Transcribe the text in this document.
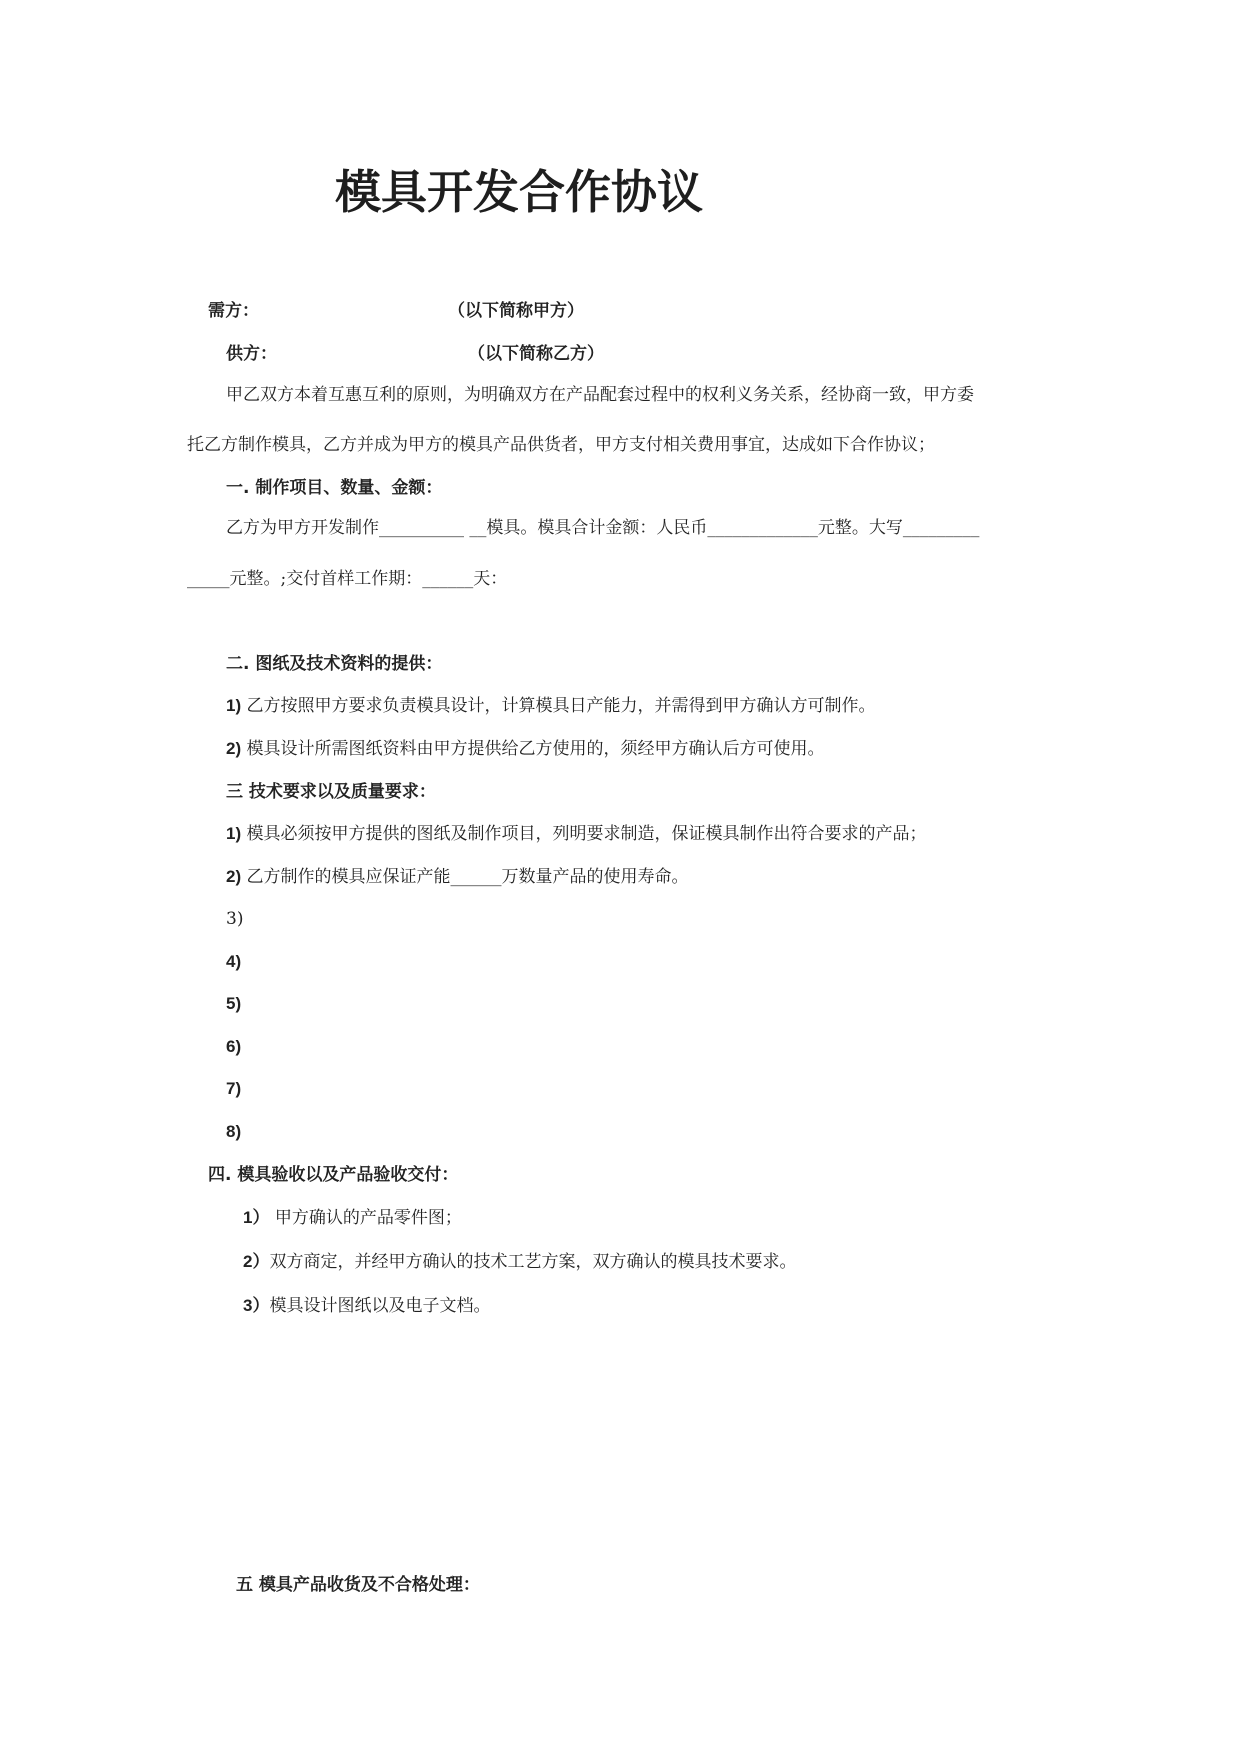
模具开发合作协议
需方：	（以下简称甲方）
供方：	（以下简称乙方）
甲乙双方本着互惠互利的原则，为明确双方在产品配套过程中的权利义务关系，经协商一致，甲方委
托乙方制作模具，乙方并成为甲方的模具产品供货者，甲方支付相关费用事宜，达成如下合作协议；
一. 制作项目、数量、金额：
乙方为甲方开发制作__________ __模具。模具合计金额：人民币_____________元整。大写_________
_____元整。;交付首样工作期：______天：
二. 图纸及技术资料的提供：
1) 乙方按照甲方要求负责模具设计，计算模具日产能力，并需得到甲方确认方可制作。
2) 模具设计所需图纸资料由甲方提供给乙方使用的，须经甲方确认后方可使用。
三 技术要求以及质量要求：
1) 模具必须按甲方提供的图纸及制作项目，列明要求制造，保证模具制作出符合要求的产品；
2) 乙方制作的模具应保证产能______万数量产品的使用寿命。
3)
4)
5)
6)
7)
8)
四. 模具验收以及产品验收交付：
1） 甲方确认的产品零件图；
2）双方商定，并经甲方确认的技术工艺方案，双方确认的模具技术要求。
3）模具设计图纸以及电子文档。
五 模具产品收货及不合格处理：
